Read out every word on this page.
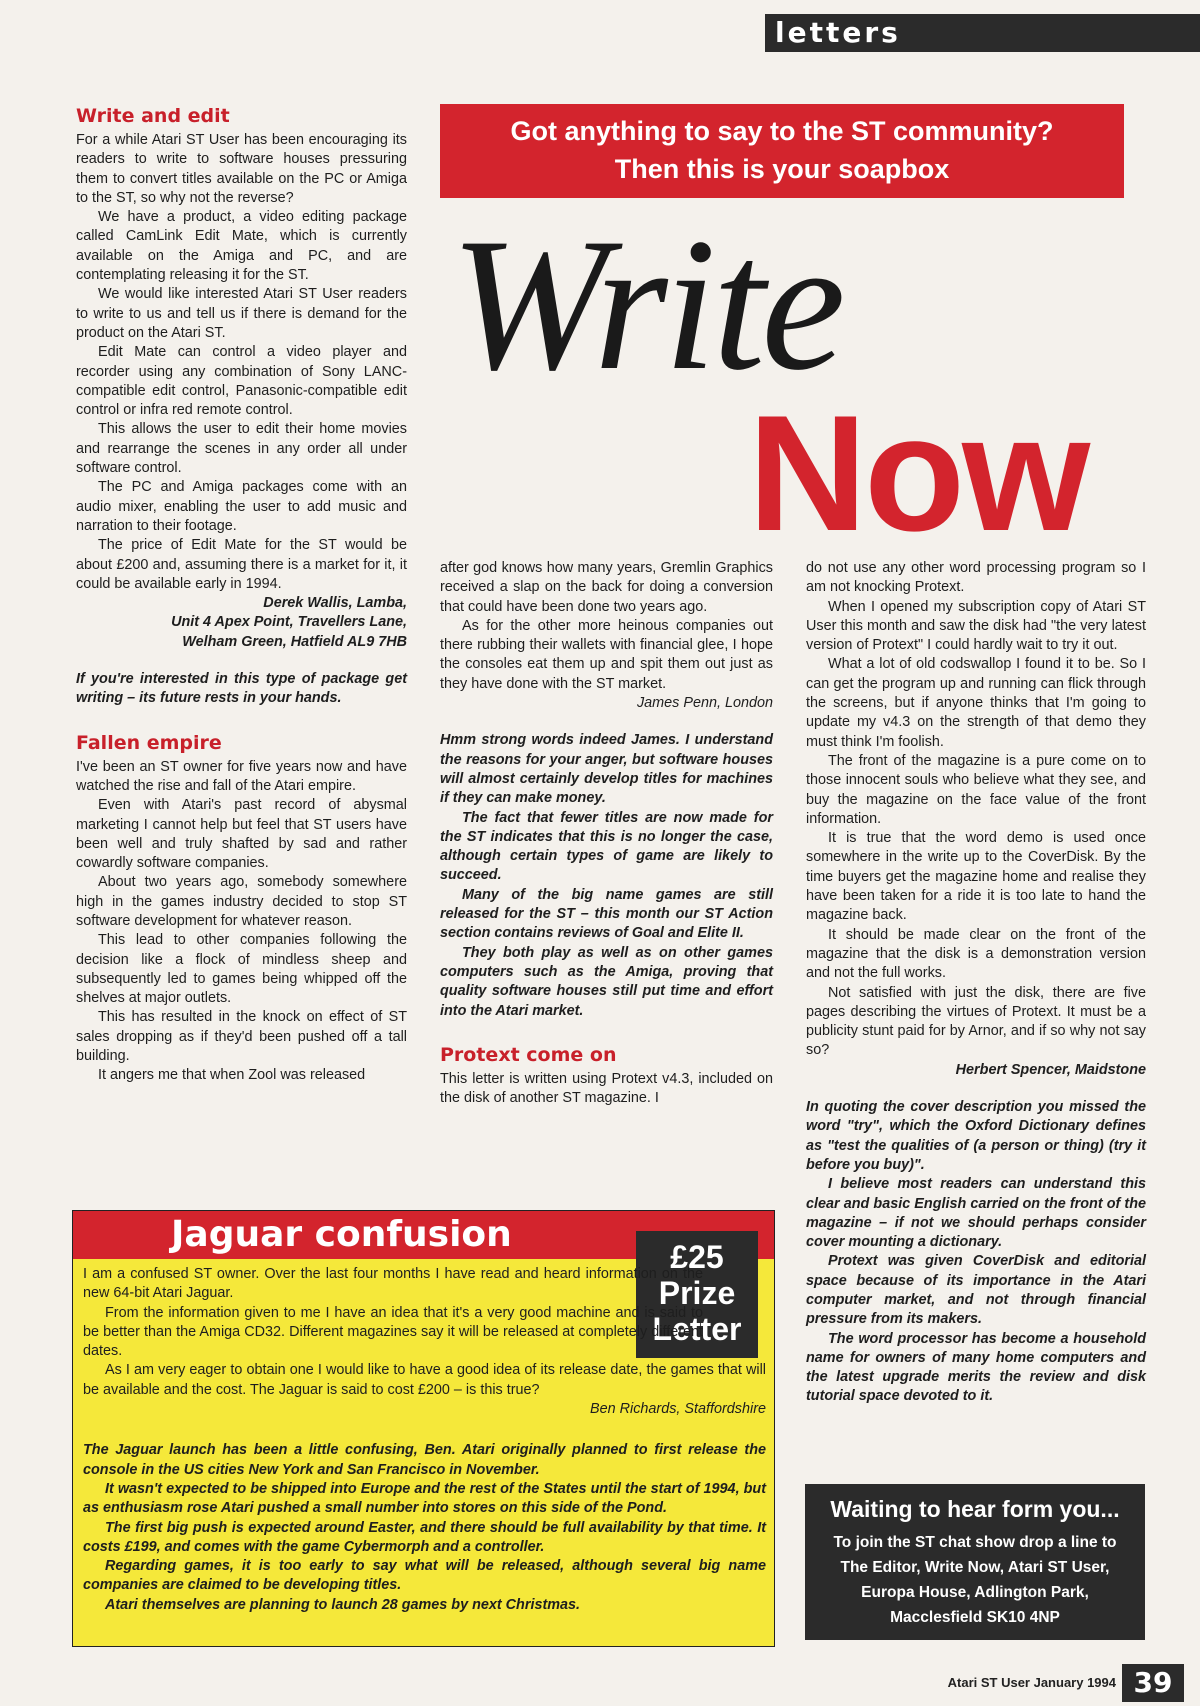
letters
Got anything to say to the ST community?
Then this is your soapbox
Write
Now
Write and edit

For a while Atari ST User has been encouraging its readers to write to software houses pressuring them to convert titles available on the PC or Amiga to the ST, so why not the reverse?

We have a product, a video editing package called CamLink Edit Mate, which is currently available on the Amiga and PC, and are contemplating releasing it for the ST.

We would like interested Atari ST User readers to write to us and tell us if there is demand for the product on the Atari ST.

Edit Mate can control a video player and recorder using any combination of Sony LANC-compatible edit control, Panasonic-compatible edit control or infra red remote control.

This allows the user to edit their home movies and rearrange the scenes in any order all under software control.

The PC and Amiga packages come with an audio mixer, enabling the user to add music and narration to their footage.

The price of Edit Mate for the ST would be about £200 and, assuming there is a market for it, it could be available early in 1994.

Derek Wallis, Lamba,

Unit 4 Apex Point, Travellers Lane,

Welham Green, Hatfield AL9 7HB

If you're interested in this type of package get writing – its future rests in your hands.

Fallen empire

I've been an ST owner for five years now and have watched the rise and fall of the Atari empire.

Even with Atari's past record of abysmal marketing I cannot help but feel that ST users have been well and truly shafted by sad and rather cowardly software companies.

About two years ago, somebody somewhere high in the games industry decided to stop ST software development for whatever reason.

This lead to other companies following the decision like a flock of mindless sheep and subsequently led to games being whipped off the shelves at major outlets.

This has resulted in the knock on effect of ST sales dropping as if they'd been pushed off a tall building.

It angers me that when Zool was released

after god knows how many years, Gremlin Graphics received a slap on the back for doing a conversion that could have been done two years ago.

As for the other more heinous companies out there rubbing their wallets with financial glee, I hope the consoles eat them up and spit them out just as they have done with the ST market.

James Penn, London

Hmm strong words indeed James. I understand the reasons for your anger, but software houses will almost certainly develop titles for machines if they can make money.

The fact that fewer titles are now made for the ST indicates that this is no longer the case, although certain types of game are likely to succeed.

Many of the big name games are still released for the ST – this month our ST Action section contains reviews of Goal and Elite II.

They both play as well as on other games computers such as the Amiga, proving that quality software houses still put time and effort into the Atari market.

Protext come on

This letter is written using Protext v4.3, included on the disk of another ST magazine. I

do not use any other word processing program so I am not knocking Protext.

When I opened my subscription copy of Atari ST User this month and saw the disk had "the very latest version of Protext" I could hardly wait to try it out.

What a lot of old codswallop I found it to be. So I can get the program up and running can flick through the screens, but if anyone thinks that I'm going to update my v4.3 on the strength of that demo they must think I'm foolish.

The front of the magazine is a pure come on to those innocent souls who believe what they see, and buy the magazine on the face value of the front information.

It is true that the word demo is used once somewhere in the write up to the CoverDisk. By the time buyers get the magazine home and realise they have been taken for a ride it is too late to hand the magazine back.

It should be made clear on the front of the magazine that the disk is a demonstration version and not the full works.

Not satisfied with just the disk, there are five pages describing the virtues of Protext. It must be a publicity stunt paid for by Arnor, and if so why not say so?

Herbert Spencer, Maidstone

In quoting the cover description you missed the word "try", which the Oxford Dictionary defines as "test the qualities of (a person or thing) (try it before you buy)".

I believe most readers can understand this clear and basic English carried on the front of the magazine – if not we should perhaps consider cover mounting a dictionary.

Protext was given CoverDisk and editorial space because of its importance in the Atari computer market, and not through financial pressure from its makers.

The word processor has become a household name for owners of many home computers and the latest upgrade merits the review and disk tutorial space devoted to it.

Jaguar confusion
£25
Prize
Letter

I am a confused ST owner. Over the last four months I have read and heard information on the new 64-bit Atari Jaguar.

From the information given to me I have an idea that it's a very good machine and is said to be better than the Amiga CD32. Different magazines say it will be released at completely different dates.

As I am very eager to obtain one I would like to have a good idea of its release date, the games that will be available and the cost. The Jaguar is said to cost £200 – is this true?

Ben Richards, Staffordshire

The Jaguar launch has been a little confusing, Ben. Atari originally planned to first release the console in the US cities New York and San Francisco in November.

It wasn't expected to be shipped into Europe and the rest of the States until the start of 1994, but as enthusiasm rose Atari pushed a small number into stores on this side of the Pond.

The first big push is expected around Easter, and there should be full availability by that time. It costs £199, and comes with the game Cybermorph and a controller.

Regarding games, it is too early to say what will be released, although several big name companies are claimed to be developing titles.

Atari themselves are planning to launch 28 games by next Christmas.

Waiting to hear form you...
To join the ST chat show drop a line to
The Editor, Write Now, Atari ST User,
Europa House, Adlington Park,
Macclesfield SK10 4NP
Atari ST User January 1994 39
